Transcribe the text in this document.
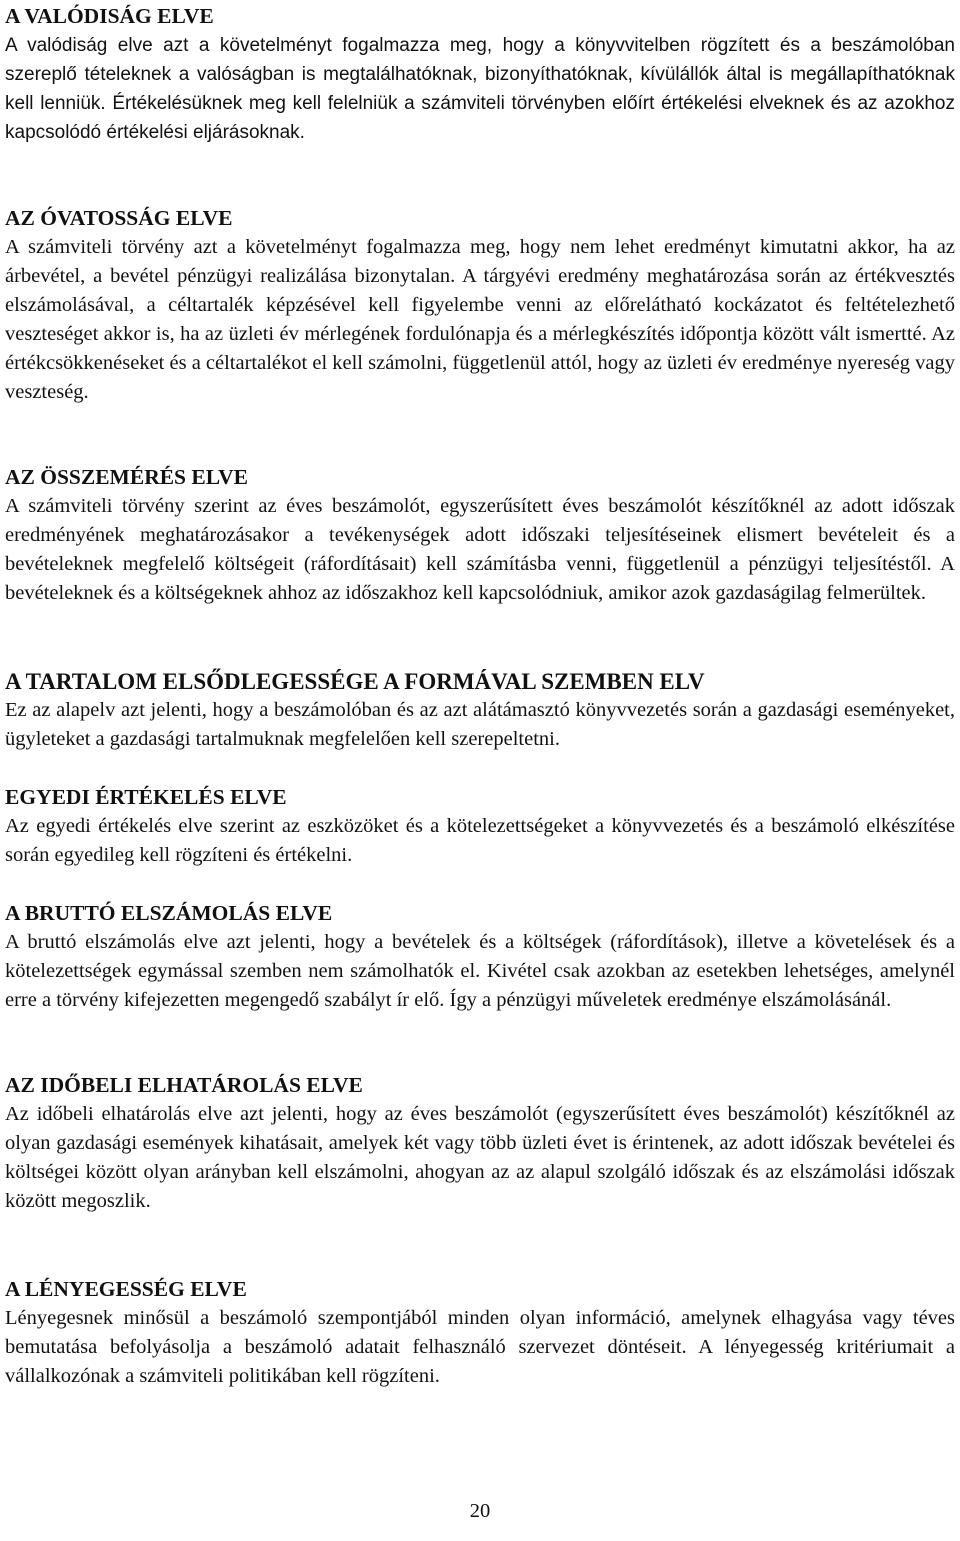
A VALÓDISÁG ELVE

A valódiság elve azt a követelményt fogalmazza meg, hogy a könyvvitelben rögzített és a beszámolóban szereplő tételeknek a valóságban is megtalálhatóknak, bizonyíthatóknak, kívülállók által is megállapíthatóknak kell lenniük. Értékelésüknek meg kell felelniük a számviteli törvényben előírt értékelési elveknek és az azokhoz kapcsolódó értékelési eljárásoknak.

AZ ÓVATOSSÁG ELVE

A számviteli törvény azt a követelményt fogalmazza meg, hogy nem lehet eredményt kimutatni akkor, ha az árbevétel, a bevétel pénzügyi realizálása bizonytalan. A tárgyévi eredmény meghatározása során az értékvesztés elszámolásával, a céltartalék képzésével kell figyelembe venni az előrelátható kockázatot és feltételezhető veszteséget akkor is, ha az üzleti év mérlegének fordulónapja és a mérlegkészítés időpontja között vált ismertté. Az értékcsökkenéseket és a céltartalékot el kell számolni, függetlenül attól, hogy az üzleti év eredménye nyereség vagy veszteség.

AZ ÖSSZEMÉRÉS ELVE

A számviteli törvény szerint az éves beszámolót, egyszerűsített éves beszámolót készítőknél az adott időszak eredményének meghatározásakor a tevékenységek adott időszaki teljesítéseinek elismert bevételeit és a bevételeknek megfelelő költségeit (ráfordításait) kell számításba venni, függetlenül a pénzügyi teljesítéstől. A bevételeknek és a költségeknek ahhoz az időszakhoz kell kapcsolódniuk, amikor azok gazdaságilag felmerültek.

A TARTALOM ELSŐDLEGESSÉGE A FORMÁVAL SZEMBEN ELV

Ez az alapelv azt jelenti, hogy a beszámolóban és az azt alátámasztó könyvvezetés során a gazdasági eseményeket, ügyleteket a gazdasági tartalmuknak megfelelően kell szerepeltetni.

EGYEDI ÉRTÉKELÉS ELVE

Az egyedi értékelés elve szerint az eszközöket és a kötelezettségeket a könyvvezetés és a beszámoló elkészítése során egyedileg kell rögzíteni és értékelni.

A BRUTTÓ ELSZÁMOLÁS ELVE

A bruttó elszámolás elve azt jelenti, hogy a bevételek és a költségek (ráfordítások), illetve a követelések és a kötelezettségek egymással szemben nem számolhatók el. Kivétel csak azokban az esetekben lehetséges, amelynél erre a törvény kifejezetten megengedő szabályt ír elő. Így a pénzügyi műveletek eredménye elszámolásánál.

AZ IDŐBELI ELHATÁROLÁS ELVE

Az időbeli elhatárolás elve azt jelenti, hogy az éves beszámolót (egyszerűsített éves beszámolót) készítőknél az olyan gazdasági események kihatásait, amelyek két vagy több üzleti évet is érintenek, az adott időszak bevételei és költségei között olyan arányban kell elszámolni, ahogyan az az alapul szolgáló időszak és az elszámolási időszak között megoszlik.

A LÉNYEGESSÉG ELVE

Lényegesnek minősül a beszámoló szempontjából minden olyan információ, amelynek elhagyása vagy téves bemutatása befolyásolja a beszámoló adatait felhasználó szervezet döntéseit. A lényegesség kritériumait a vállalkozónak a számviteli politikában kell rögzíteni.

20
